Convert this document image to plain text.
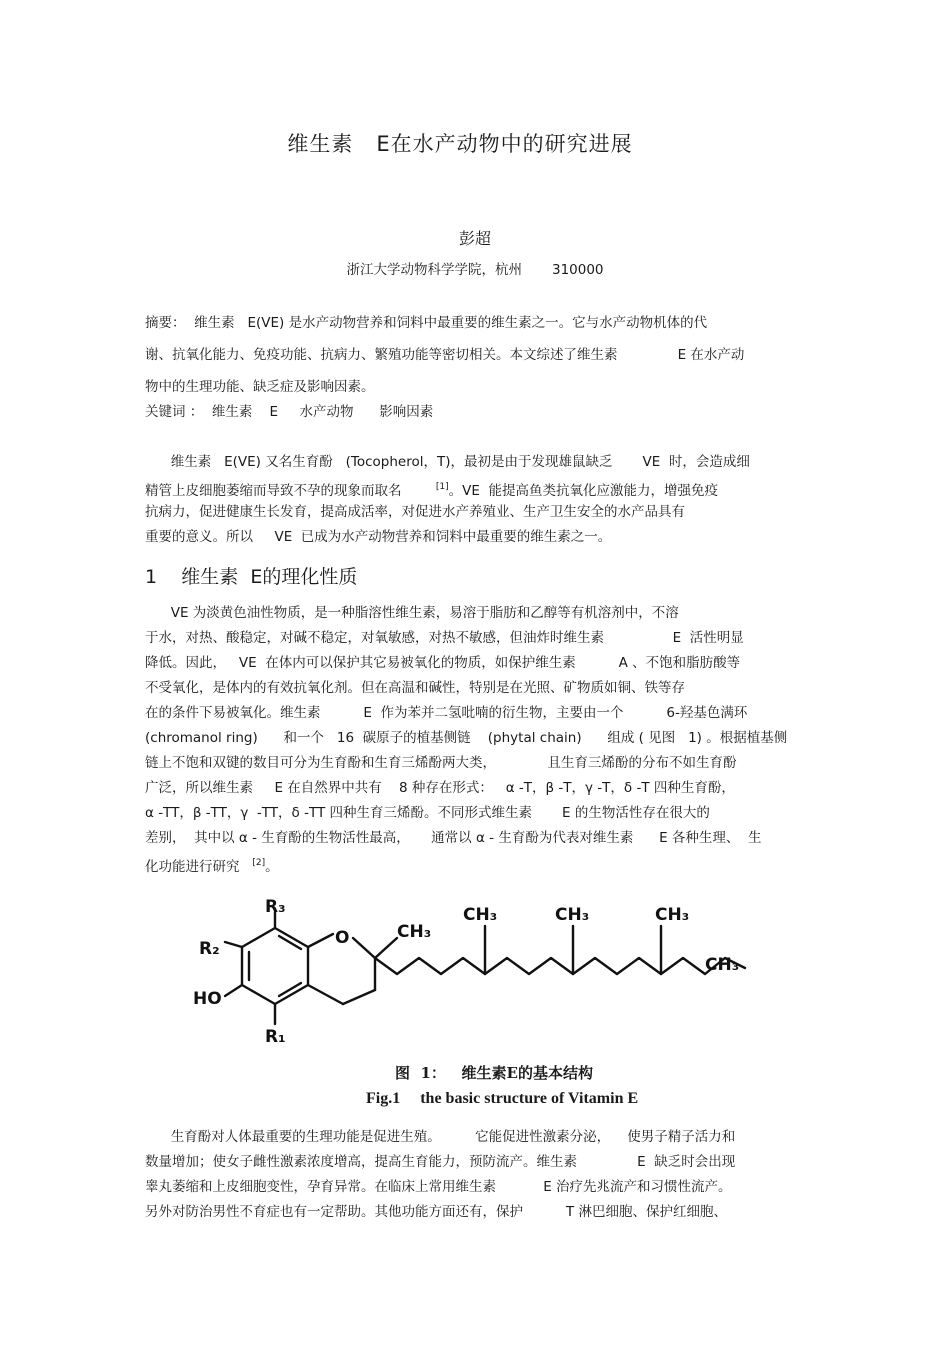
维生素   E在水产动物中的研究进展
彭超
浙江大学动物科学学院，杭州       310000
摘要：  维生素   E(VE) 是水产动物营养和饲料中最重要的维生素之一。它与水产动物机体的代
谢、抗氧化能力、免疫功能、抗病力、繁殖功能等密切相关。本文综述了维生素              E 在水产动
物中的生理功能、缺乏症及影响因素。
关键词 ：  维生素    E     水产动物      影响因素
维生素   E(VE) 又名生育酚   (Tocopherol，T)，最初是由于发现雄鼠缺乏       VE  时，会造成细
精管上皮细胞萎缩而导致不孕的现象而取名        [1]。VE  能提高鱼类抗氧化应激能力，增强免疫
抗病力，促进健康生长发育，提高成活率，对促进水产养殖业、生产卫生安全的水产品具有
重要的意义。所以     VE  已成为水产动物营养和饲料中最重要的维生素之一。
1    维生素  E的理化性质
VE 为淡黄色油性物质，是一种脂溶性维生素，易溶于脂肪和乙醇等有机溶剂中，不溶
于水，对热、酸稳定，对碱不稳定，对氧敏感，对热不敏感，但油炸时维生素                E  活性明显
降低。因此，   VE  在体内可以保护其它易被氧化的物质，如保护维生素          A 、不饱和脂肪酸等
不受氧化，是体内的有效抗氧化剂。但在高温和碱性，特别是在光照、矿物质如铜、铁等存
在的条件下易被氧化。维生素          E  作为苯并二氢吡喃的衍生物，主要由一个          6-羟基色满环
(chromanol ring)      和一个   16  碳原子的植基侧链    (phytal chain)      组成 ( 见图   1) 。根据植基侧
链上不饱和双键的数目可分为生育酚和生育三烯酚两大类，            且生育三烯酚的分布不如生育酚
广泛，所以维生素     E 在自然界中共有    8 种存在形式：   α -T，β -T，γ -T，δ -T 四种生育酚，
α -TT，β -TT，γ  -TT，δ -TT 四种生育三烯酚。不同形式维生素       E 的生物活性存在很大的
差别，  其中以 α - 生育酚的生物活性最高，     通常以 α - 生育酚为代表对维生素      E 各种生理、  生
化功能进行研究   [2]。
R₃
R₂
HO
R₁
O	CH₃
CH₃	CH₃	CH₃
CH₃
图  1：   维生素E的基本结构
Fig.1     the basic structure of Vitamin E
生育酚对人体最重要的生理功能是促进生殖。        它能促进性激素分泌，    使男子精子活力和
数量增加；使女子雌性激素浓度增高，提高生育能力，预防流产。维生素              E  缺乏时会出现
睾丸萎缩和上皮细胞变性，孕育异常。在临床上常用维生素           E 治疗先兆流产和习惯性流产。
另外对防治男性不育症也有一定帮助。其他功能方面还有，保护          T 淋巴细胞、保护红细胞、
